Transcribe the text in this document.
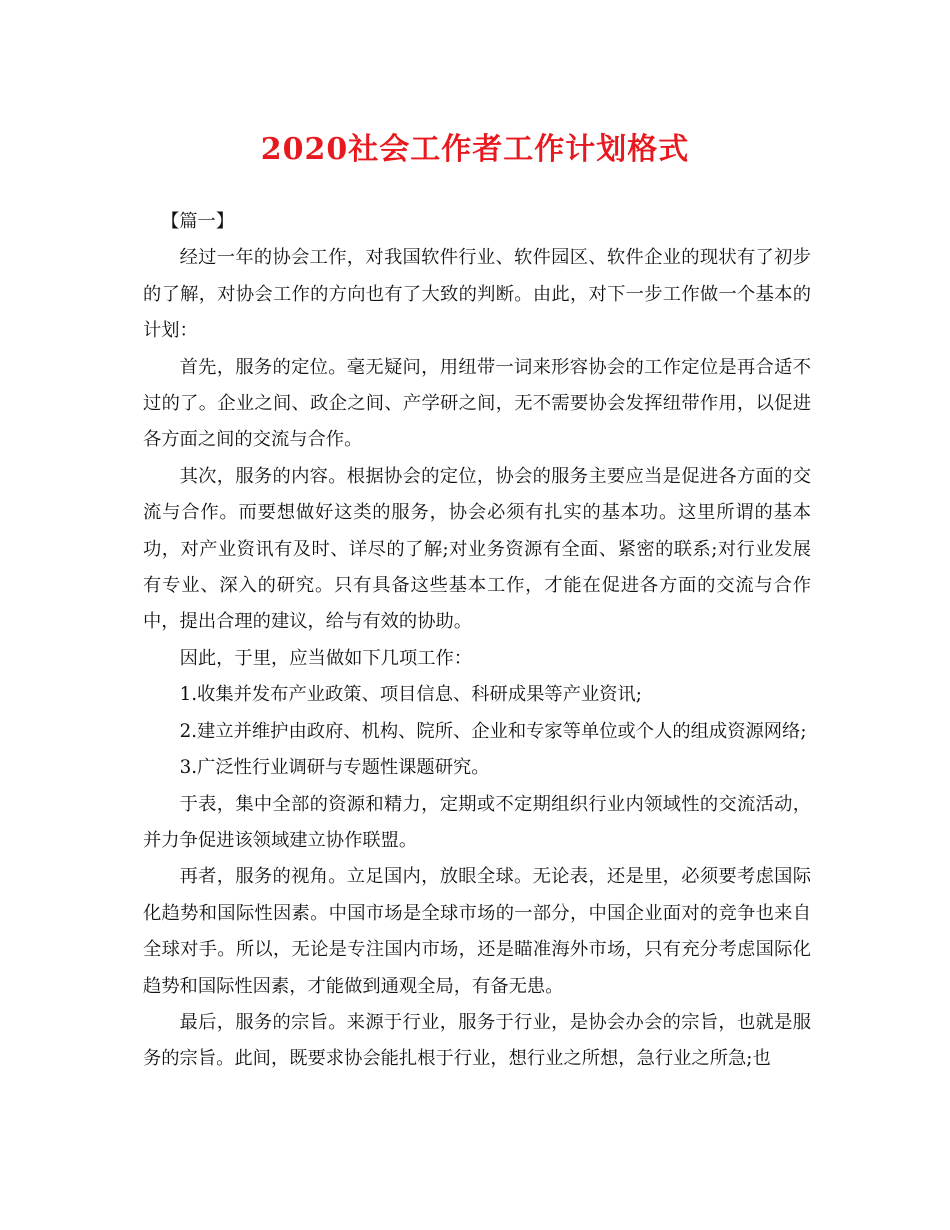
2020社会工作者工作计划格式

【篇一】

经过一年的协会工作，对我国软件行业、软件园区、软件企业的现状有了初步的了解，对协会工作的方向也有了大致的判断。由此，对下一步工作做一个基本的计划：

首先，服务的定位。毫无疑问，用纽带一词来形容协会的工作定位是再合适不过的了。企业之间、政企之间、产学研之间，无不需要协会发挥纽带作用，以促进各方面之间的交流与合作。

其次，服务的内容。根据协会的定位，协会的服务主要应当是促进各方面的交流与合作。而要想做好这类的服务，协会必须有扎实的基本功。这里所谓的基本功，对产业资讯有及时、详尽的了解;对业务资源有全面、紧密的联系;对行业发展有专业、深入的研究。只有具备这些基本工作，才能在促进各方面的交流与合作中，提出合理的建议，给与有效的协助。

因此，于里，应当做如下几项工作：

1.收集并发布产业政策、项目信息、科研成果等产业资讯;

2.建立并维护由政府、机构、院所、企业和专家等单位或个人的组成资源网络;

3.广泛性行业调研与专题性课题研究。

于表，集中全部的资源和精力，定期或不定期组织行业内领域性的交流活动，并力争促进该领域建立协作联盟。

再者，服务的视角。立足国内，放眼全球。无论表，还是里，必须要考虑国际化趋势和国际性因素。中国市场是全球市场的一部分，中国企业面对的竞争也来自全球对手。所以，无论是专注国内市场，还是瞄准海外市场，只有充分考虑国际化趋势和国际性因素，才能做到通观全局，有备无患。

最后，服务的宗旨。来源于行业，服务于行业，是协会办会的宗旨，也就是服务的宗旨。此间，既要求协会能扎根于行业，想行业之所想，急行业之所急;也
